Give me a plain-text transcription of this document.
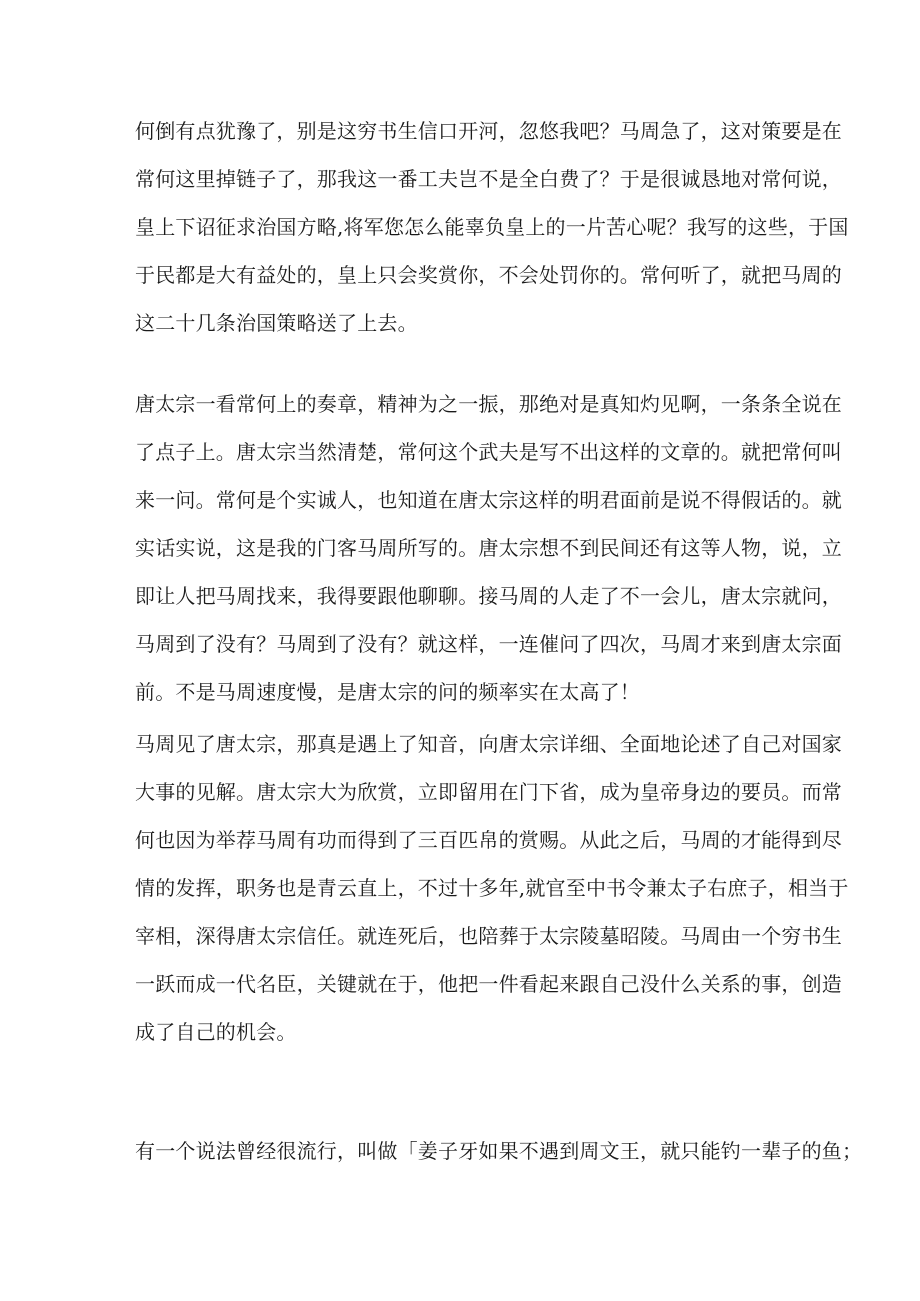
何倒有点犹豫了，别是这穷书生信口开河，忽悠我吧？马周急了，这对策要是在
常何这里掉链子了，那我这一番工夫岂不是全白费了？于是很诚恳地对常何说，
皇上下诏征求治国方略,将军您怎么能辜负皇上的一片苦心呢？我写的这些，于国
于民都是大有益处的，皇上只会奖赏你，不会处罚你的。常何听了，就把马周的
这二十几条治国策略送了上去。
唐太宗一看常何上的奏章，精神为之一振，那绝对是真知灼见啊，一条条全说在
了点子上。唐太宗当然清楚，常何这个武夫是写不出这样的文章的。就把常何叫
来一问。常何是个实诚人，也知道在唐太宗这样的明君面前是说不得假话的。就
实话实说，这是我的门客马周所写的。唐太宗想不到民间还有这等人物，说，立
即让人把马周找来，我得要跟他聊聊。接马周的人走了不一会儿，唐太宗就问，
马周到了没有？马周到了没有？就这样，一连催问了四次，马周才来到唐太宗面
前。不是马周速度慢，是唐太宗的问的频率实在太高了！
马周见了唐太宗，那真是遇上了知音，向唐太宗详细、全面地论述了自己对国家
大事的见解。唐太宗大为欣赏，立即留用在门下省，成为皇帝身边的要员。而常
何也因为举荐马周有功而得到了三百匹帛的赏赐。从此之后，马周的才能得到尽
情的发挥，职务也是青云直上，不过十多年,就官至中书令兼太子右庶子，相当于
宰相，深得唐太宗信任。就连死后，也陪葬于太宗陵墓昭陵。马周由一个穷书生
一跃而成一代名臣，关键就在于，他把一件看起来跟自己没什么关系的事，创造
成了自己的机会。
有一个说法曾经很流行，叫做「姜子牙如果不遇到周文王，就只能钓一辈子的鱼；
